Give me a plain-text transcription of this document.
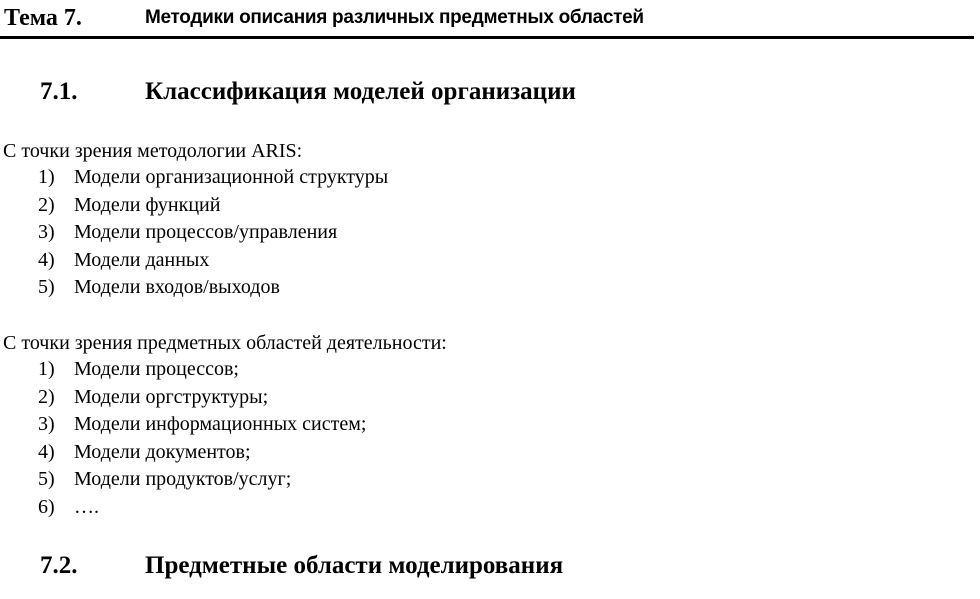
Тема 7.	Методики описания различных предметных областей
7.1.	Классификация моделей организации
С точки зрения методологии ARIS:
1) Модели организационной структуры
2) Модели функций
3) Модели процессов/управления
4) Модели данных
5) Модели входов/выходов
С точки зрения предметных областей деятельности:
1) Модели процессов;
2) Модели оргструктуры;
3) Модели информационных систем;
4) Модели документов;
5) Модели продуктов/услуг;
6) ….
7.2.	Предметные области моделирования
